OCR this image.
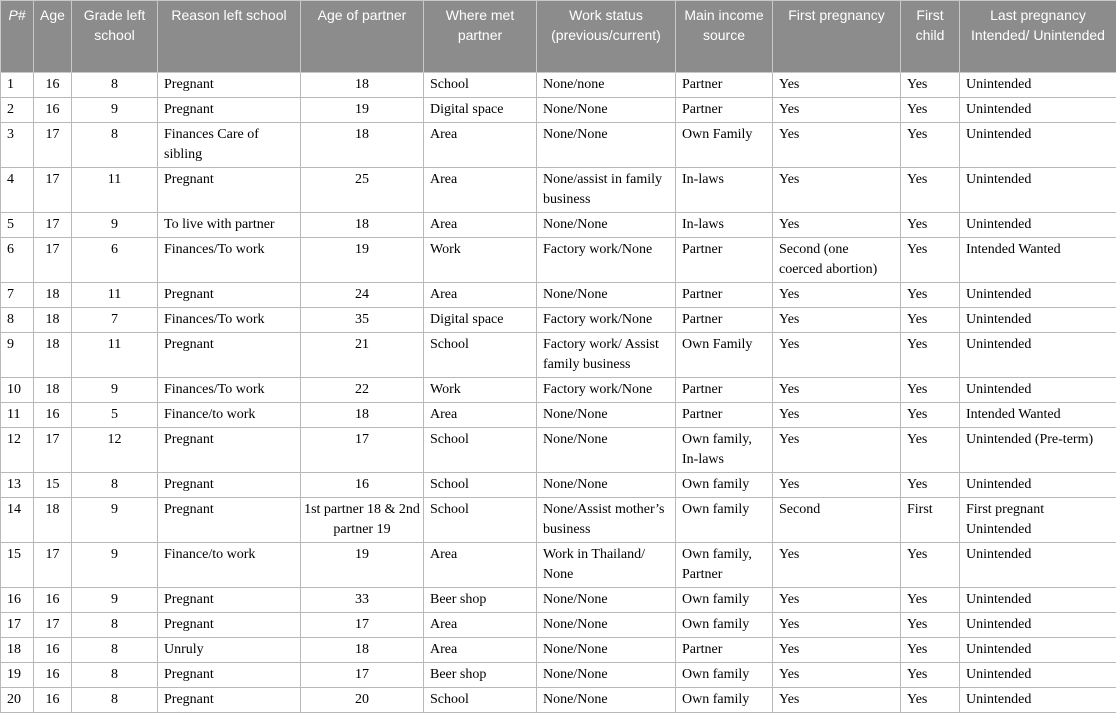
P#	Age	Grade left school	Reason left school	Age of partner	Where met partner	Work status (previous/current)	Main income source	First pregnancy	First child	Last pregnancy Intended/ Unintended
1	16	8	Pregnant	18	School	None/none	Partner	Yes	Yes	Unintended
2	16	9	Pregnant	19	Digital space	None/None	Partner	Yes	Yes	Unintended
3	17	8	Finances Care of sibling	18	Area	None/None	Own Family	Yes	Yes	Unintended
4	17	11	Pregnant	25	Area	None/assist in family business	In-laws	Yes	Yes	Unintended
5	17	9	To live with partner	18	Area	None/None	In-laws	Yes	Yes	Unintended
6	17	6	Finances/To work	19	Work	Factory work/None	Partner	Second (one coerced abortion)	Yes	Intended Wanted
7	18	11	Pregnant	24	Area	None/None	Partner	Yes	Yes	Unintended
8	18	7	Finances/To work	35	Digital space	Factory work/None	Partner	Yes	Yes	Unintended
9	18	11	Pregnant	21	School	Factory work/ Assist family business	Own Family	Yes	Yes	Unintended
10	18	9	Finances/To work	22	Work	Factory work/None	Partner	Yes	Yes	Unintended
11	16	5	Finance/to work	18	Area	None/None	Partner	Yes	Yes	Intended Wanted
12	17	12	Pregnant	17	School	None/None	Own family, In-laws	Yes	Yes	Unintended (Pre-term)
13	15	8	Pregnant	16	School	None/None	Own family	Yes	Yes	Unintended
14	18	9	Pregnant	1st partner 18 & 2nd partner 19	School	None/Assist mother’s business	Own family	Second	First	First pregnant Unintended
15	17	9	Finance/to work	19	Area	Work in Thailand/ None	Own family, Partner	Yes	Yes	Unintended
16	16	9	Pregnant	33	Beer shop	None/None	Own family	Yes	Yes	Unintended
17	17	8	Pregnant	17	Area	None/None	Own family	Yes	Yes	Unintended
18	16	8	Unruly	18	Area	None/None	Partner	Yes	Yes	Unintended
19	16	8	Pregnant	17	Beer shop	None/None	Own family	Yes	Yes	Unintended
20	16	8	Pregnant	20	School	None/None	Own family	Yes	Yes	Unintended
